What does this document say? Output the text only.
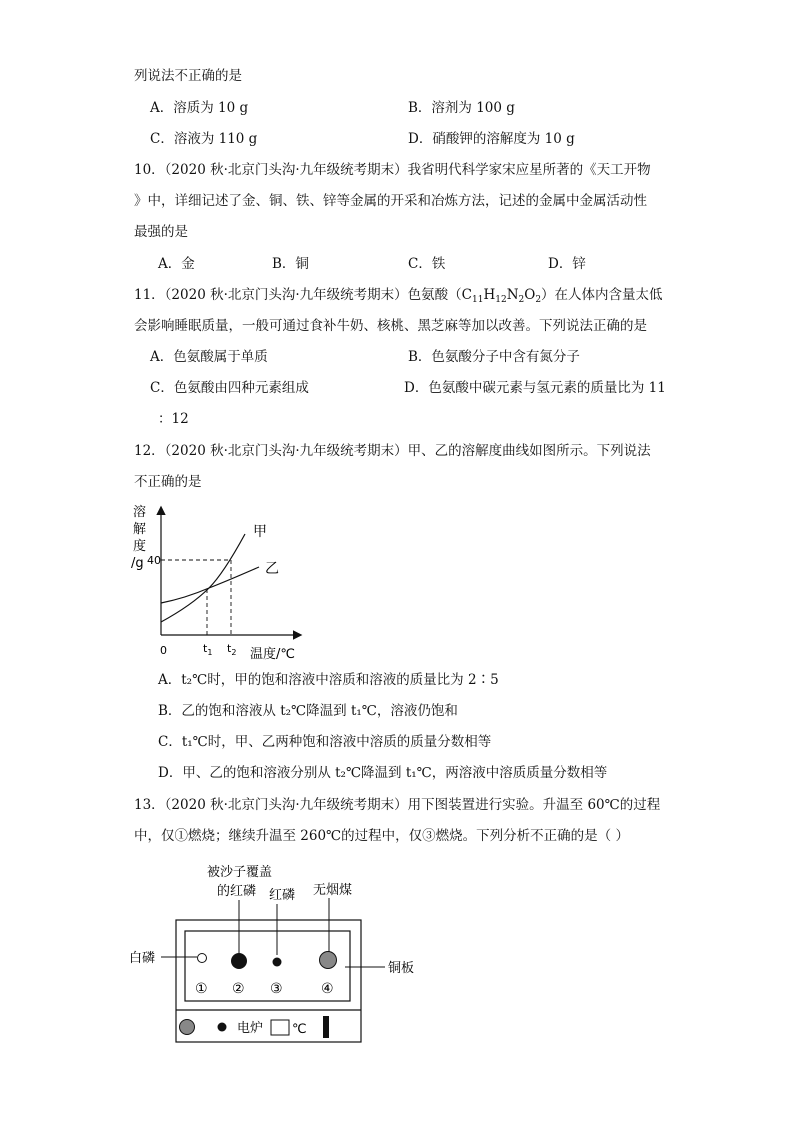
列说法不正确的是
A．溶质为 10 g	B．溶剂为 100 g
C．溶液为 110 g	D．硝酸钾的溶解度为 10 g
10．（2020 秋·北京门头沟·九年级统考期末）我省明代科学家宋应星所著的《天工开物
》中，详细记述了金、铜、铁、锌等金属的开采和冶炼方法，记述的金属中金属活动性
最强的是
A．金	B．铜	C．铁	D．锌
11．（2020 秋·北京门头沟·九年级统考期末）色氨酸$(C_{11}H_{12}N_2O_2)$在人体内含量太低
会影响睡眠质量，一般可通过食补牛奶、核桃、黑芝麻等加以改善。下列说法正确的是
A．色氨酸属于单质	B．色氨酸分子中含有氮分子
C．色氨酸由四种元素组成	D．色氨酸中碳元素与氢元素的质量比为 11
：12
12．（2020 秋·北京门头沟·九年级统考期末）甲、乙的溶解度曲线如图所示。下列说法
不正确的是
溶
解
度
/g 40
甲
乙
0	$t_1$ $t_2$ 温度/℃
A．t₂℃时，甲的饱和溶液中溶质和溶液的质量比为 2∶5
B．乙的饱和溶液从 t₂℃降温到 t₁℃，溶液仍饱和
C．t₁℃时，甲、乙两种饱和溶液中溶质的质量分数相等
D．甲、乙的饱和溶液分别从 t₂℃降温到 t₁℃，两溶液中溶质质量分数相等
13．（2020 秋·北京门头沟·九年级统考期末）用下图装置进行实验。升温至 60℃的过程
中，仅①燃烧；继续升温至 260℃的过程中，仅③燃烧。下列分析不正确的是（ ）
被沙子覆盖
的红磷 红磷 无烟煤
白磷
铜板
① ② ③	④
电炉 ℃
